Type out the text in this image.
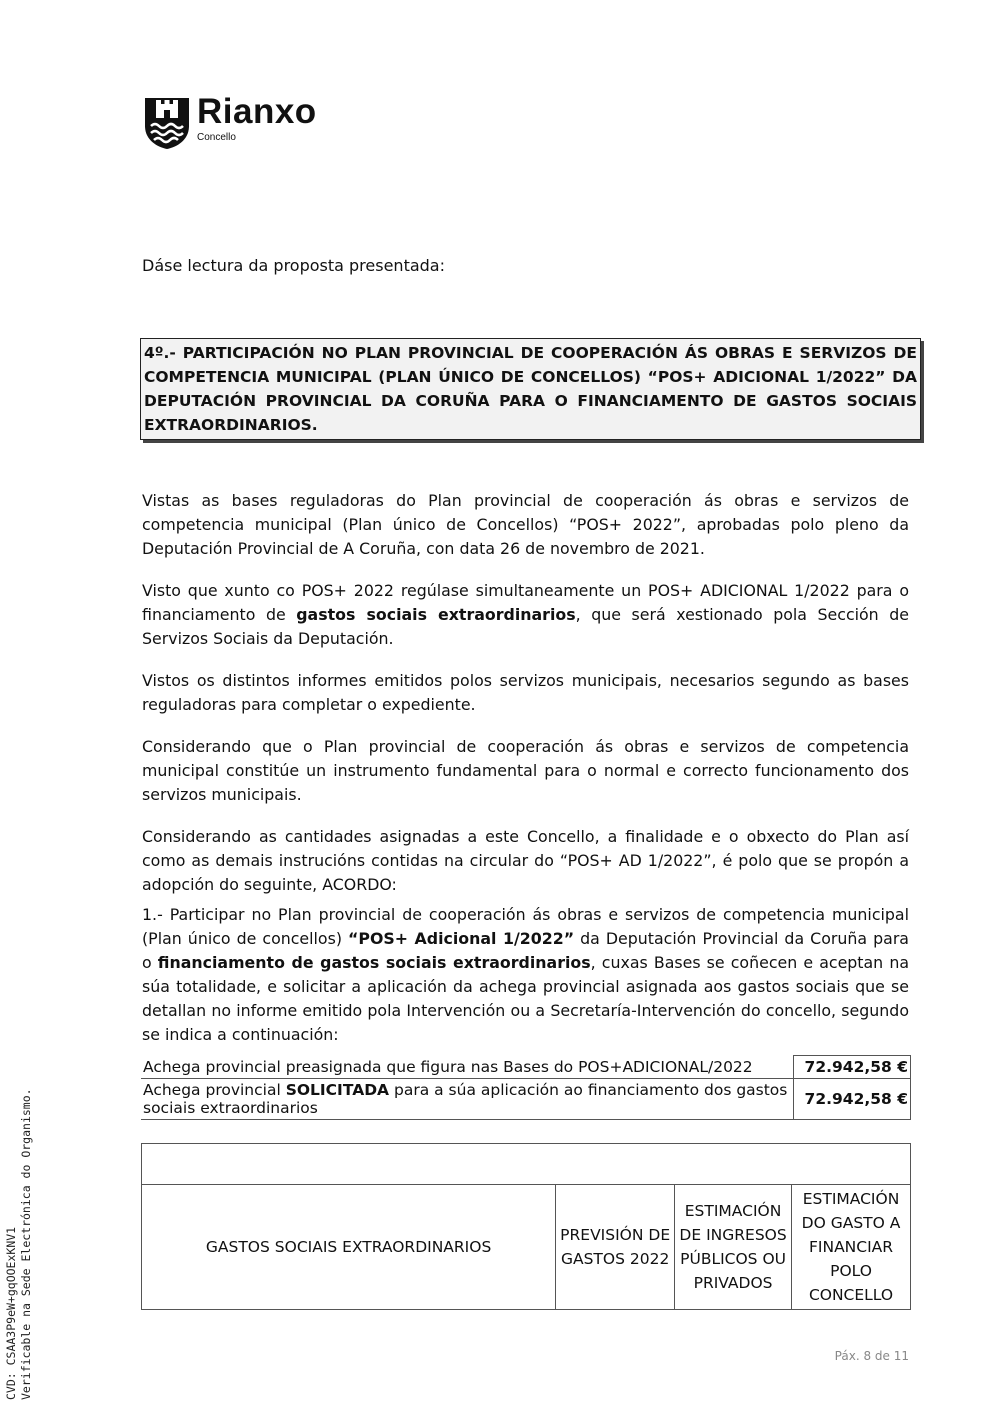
Rianxo
Concello
Dáse lectura da proposta presentada:
4º.- PARTICIPACIÓN NO PLAN PROVINCIAL DE COOPERACIÓN ÁS OBRAS E SERVIZOS DE COMPETENCIA MUNICIPAL (PLAN ÚNICO DE CONCELLOS) “POS+ ADICIONAL 1/2022” DA DEPUTACIÓN PROVINCIAL DA CORUÑA PARA O FINANCIAMENTO DE GASTOS SOCIAIS EXTRAORDINARIOS.

Vistas as bases reguladoras do Plan provincial de cooperación ás obras e servizos de competencia municipal (Plan único de Concellos) “POS+ 2022”, aprobadas polo pleno da Deputación Provincial de A Coruña, con data 26 de novembro de 2021.

Visto que xunto co POS+ 2022 regúlase simultaneamente un POS+ ADICIONAL 1/2022 para o financiamento de gastos sociais extraordinarios, que será xestionado pola Sección de Servizos Sociais da Deputación.

Vistos os distintos informes emitidos polos servizos municipais, necesarios segundo as bases reguladoras para completar o expediente.

Considerando que o Plan provincial de cooperación ás obras e servizos de competencia municipal constitúe un instrumento fundamental para o normal e correcto funcionamento dos servizos municipais.

Considerando as cantidades asignadas a este Concello, a finalidade e o obxecto do Plan así como as demais instrucións contidas na circular do “POS+ AD 1/2022”, é polo que se propón a adopción do seguinte, ACORDO:

1.- Participar no Plan provincial de cooperación ás obras e servizos de competencia municipal (Plan único de concellos) “POS+ Adicional 1/2022” da Deputación Provincial da Coruña para o financiamento de gastos sociais extraordinarios, cuxas Bases se coñecen e aceptan na súa totalidade, e solicitar a aplicación da achega provincial asignada aos gastos sociais que se detallan no informe emitido pola Intervención ou a Secretaría-Intervención do concello, segundo se indica a continuación:

Achega provincial preasignada que figura nas Bases do POS+ADICIONAL/2022	72.942,58 €
Achega provincial SOLICITADA para a súa aplicación ao financiamento dos gastos sociais extraordinarios	72.942,58 €

GASTOS SOCIAIS EXTRAORDINARIOS	PREVISIÓN DE GASTOS 2022	ESTIMACIÓN DE INGRESOS PÚBLICOS OU PRIVADOS	ESTIMACIÓN DO GASTO A FINANCIAR POLO CONCELLO
Páx. 8 de 11
CVD: CSAA3P9eW+gqOOExKNV1 Verificable na Sede Electrónica do Organismo.
